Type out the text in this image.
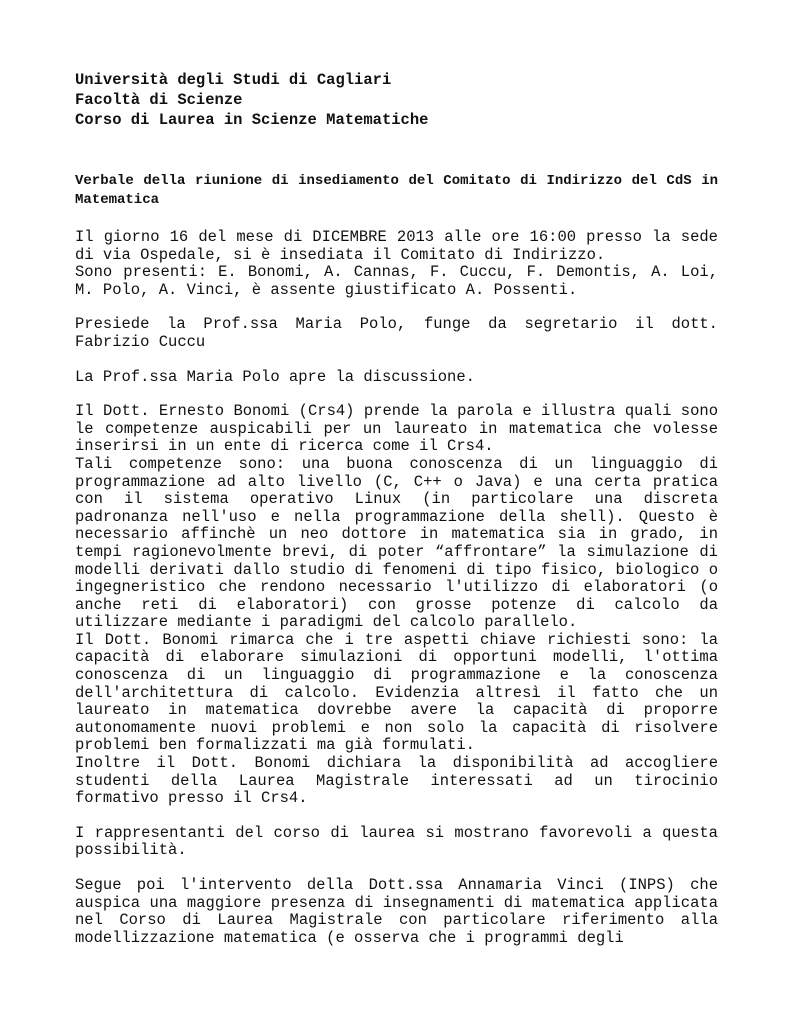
Università degli Studi di Cagliari

Facoltà di Scienze

Corso di Laurea in Scienze Matematiche

Verbale della riunione di insediamento del Comitato di Indirizzo del CdS in Matematica

Il giorno 16 del mese di DICEMBRE 2013 alle ore 16:00 presso la sede di via Ospedale, si è insediata il Comitato di Indirizzo.

Sono presenti: E. Bonomi, A. Cannas, F. Cuccu, F. Demontis, A. Loi, M. Polo, A. Vinci, è assente giustificato A. Possenti.

Presiede la Prof.ssa Maria Polo, funge da segretario il dott. Fabrizio Cuccu

La Prof.ssa Maria Polo apre la discussione.

Il Dott. Ernesto Bonomi (Crs4) prende la parola e illustra quali sono le competenze auspicabili per un laureato in matematica che volesse inserirsi in un ente di ricerca come il Crs4.

Tali competenze sono: una buona conoscenza di un linguaggio di programmazione ad alto livello (C, C++ o Java) e una certa pratica con il sistema operativo Linux (in particolare una discreta padronanza nell'uso e nella programmazione della shell). Questo è necessario affinchè un neo dottore in matematica sia in grado, in tempi ragionevolmente brevi, di poter “affrontare” la simulazione di modelli derivati dallo studio di fenomeni di tipo fisico, biologico o ingegneristico che rendono necessario l'utilizzo di elaboratori (o anche reti di elaboratori) con grosse potenze di calcolo da utilizzare mediante i paradigmi del calcolo parallelo.

Il Dott. Bonomi rimarca che i tre aspetti chiave richiesti sono: la capacità di elaborare simulazioni di opportuni modelli, l'ottima conoscenza di un linguaggio di programmazione e la conoscenza dell'architettura di calcolo. Evidenzia altresì il fatto che un laureato in matematica dovrebbe avere la capacità di proporre autonomamente nuovi problemi e non solo la capacità di risolvere problemi ben formalizzati ma già formulati.

Inoltre il Dott. Bonomi dichiara la disponibilità ad accogliere studenti della Laurea Magistrale interessati ad un tirocinio formativo presso il Crs4.

I rappresentanti del corso di laurea si mostrano favorevoli a questa possibilità.

Segue poi l'intervento della Dott.ssa Annamaria Vinci (INPS) che auspica una maggiore presenza di insegnamenti di matematica applicata nel Corso di Laurea Magistrale con particolare riferimento alla modellizzazione matematica (e osserva che i programmi degli
